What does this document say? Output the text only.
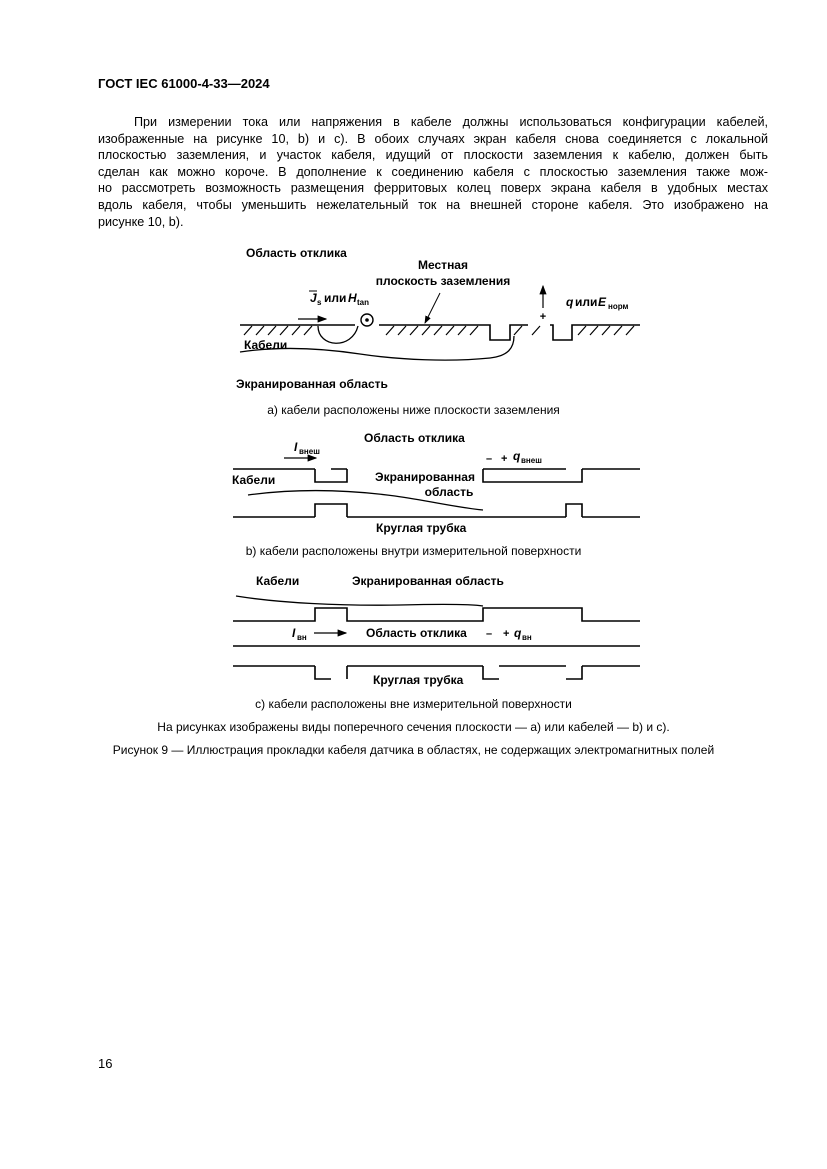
ГОСТ IEC 61000-4-33—2024
При измерении тока или напряжения в кабеле должны использоваться конфигурации кабелей,
изображенные на рисунке 10, b) и c). В обоих случаях экран кабеля снова соединяется с локальной
плоскостью заземления, и участок кабеля, идущий от плоскости заземления к кабелю, должен быть
сделан как можно короче. В дополнение к соединению кабеля с плоскостью заземления также мож-
но рассмотреть возможность размещения ферритовых колец поверх экрана кабеля в удобных местах
вдоль кабеля, чтобы уменьшить нежелательный ток на внешней стороне кабеля. Это изображено на
рисунке 10, b).
Область отклика
Местная
плоскость заземления
J s или H tan
+
q или E норм
Кабели
Экранированная область
I внеш
Область отклика
– + q внеш
Кабели	Экранированная
область
Круглая трубка
Кабели	Экранированная область
I вн	Область отклика – + q вн
Круглая трубка
а) кабели расположены ниже плоскости заземления
b) кабели расположены внутри измерительной поверхности
c) кабели расположены вне измерительной поверхности
На рисунках изображены виды поперечного сечения плоскости — а) или кабелей — b) и c).
Рисунок 9 — Иллюстрация прокладки кабеля датчика в областях, не содержащих электромагнитных полей
16
